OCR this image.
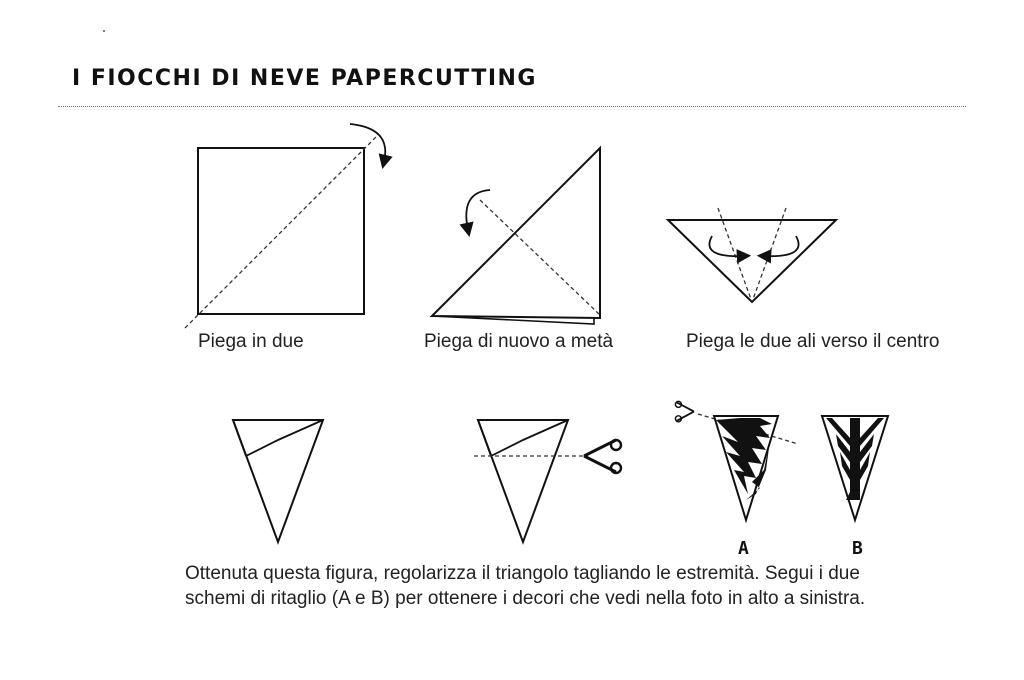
I FIOCCHI DI NEVE PAPERCUTTING
Piega in due	Piega di nuovo a metà	Piega le due ali verso il centro
A	B
Ottenuta questa figura, regolarizza il triangolo tagliando le estremità. Segui i due
schemi di ritaglio (A e B) per ottenere i decori che vedi nella foto in alto a sinistra.
